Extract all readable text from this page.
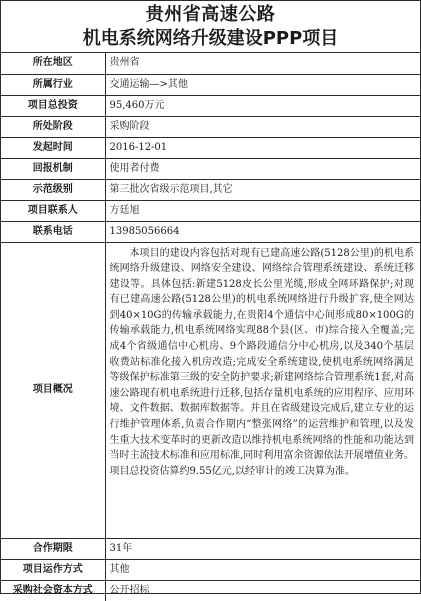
贵州省高速公路
机电系统网络升级建设PPP项目
所在地区	贵州省
所属行业	交通运输—>其他
项目总投资	95,460万元
所处阶段	采购阶段
发起时间	2016-12-01
回报机制	使用者付费
示范级别	第三批次省级示范项目,其它
项目联系人	方廷旭
联系电话	13985056664
项目概况	本项目的建设内容包括对现有已建高速公路(5128公里)的机电系统网络升级建设、网络安全建设、网络综合管理系统建设、系统迁移建设等。具体包括:新建5128皮长公里光缆,形成全网环路保护;对现有已建高速公路(5128公里)的机电系统网络进行升级扩容,使全网达到40×10G的传输承载能力,在贵阳4个通信中心间形成80×100G的传输承载能力,机电系统网络实现88个县(区、市)综合接入全覆盖;完成4个省级通信中心机房、9个路段通信分中心机房,以及340个基层收费站标准化接入机房改造;完成安全系统建设,使机电系统网络满足等级保护标准第三级的安全防护要求;新建网络综合管理系统1套,对高速公路现有机电系统进行迁移,包括存量机电系统的应用程序、应用环境、文件数据、数据库数据等。并且在省级建设完成后,建立专业的运行维护管理体系,负责合作期内“整张网络”的运营维护和管理,以及发生重大技术变革时的更新改造以维持机电系统网络的性能和功能达到当时主流技术标准和应用标准,同时利用富余资源依法开展增值业务。项目总投资估算约9.55亿元,以经审计的竣工决算为准。

合作期限	31年
项目运作方式	其他
采购社会资本方式	公开招标
